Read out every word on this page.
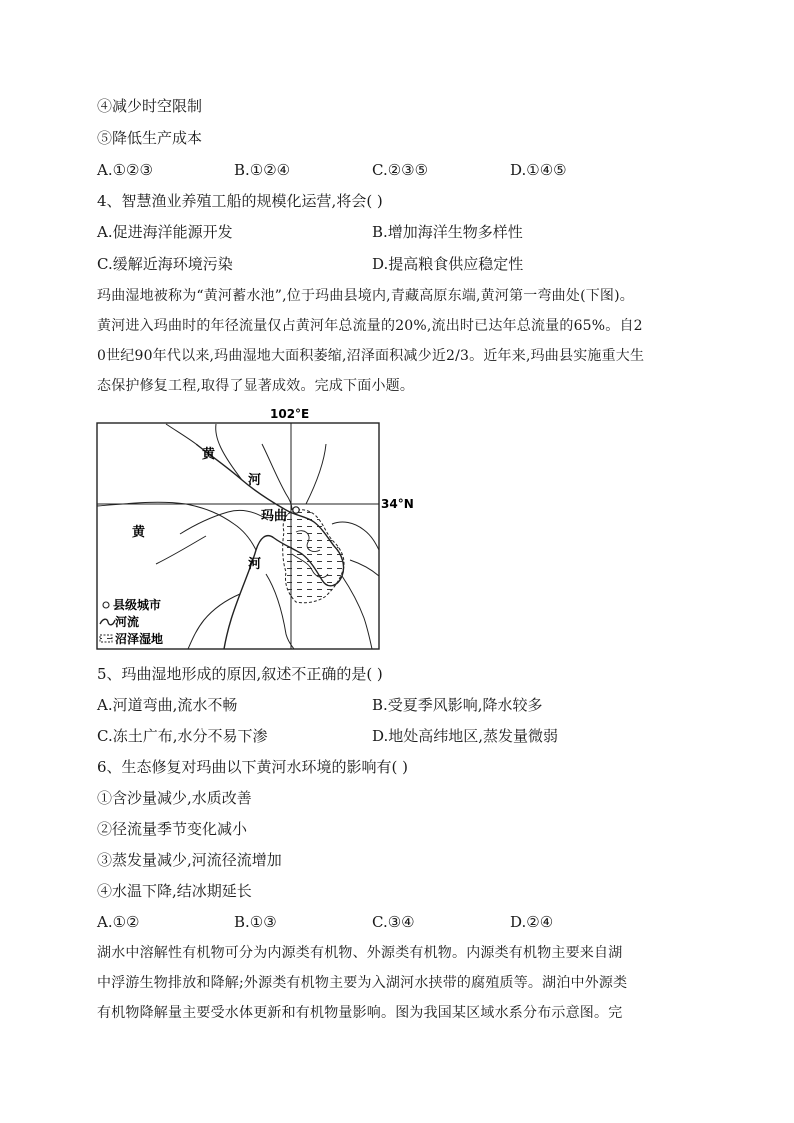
④减少时空限制
⑤降低生产成本
A.①②③	B.①②④	C.②③⑤	D.①④⑤
4、智慧渔业养殖工船的规模化运营,将会( )
A.促进海洋能源开发	B.增加海洋生物多样性
C.缓解近海环境污染	D.提高粮食供应稳定性
玛曲湿地被称为“黄河蓄水池”,位于玛曲县境内,青藏高原东端,黄河第一弯曲处(下图)。
黄河进入玛曲时的年径流量仅占黄河年总流量的20%,流出时已达年总流量的65%。自2
0世纪90年代以来,玛曲湿地大面积萎缩,沼泽面积减少近2/3。近年来,玛曲县实施重大生
态保护修复工程,取得了显著成效。完成下面小题。
102°E
34°N
玛曲
黄
河
黄
河
县级城市
河流
沼泽湿地
5、玛曲湿地形成的原因,叙述不正确的是( )
A.河道弯曲,流水不畅	B.受夏季风影响,降水较多
C.冻土广布,水分不易下渗	D.地处高纬地区,蒸发量微弱
6、生态修复对玛曲以下黄河水环境的影响有( )
①含沙量减少,水质改善
②径流量季节变化减小
③蒸发量减少,河流径流增加
④水温下降,结冰期延长
A.①②	B.①③	C.③④	D.②④
湖水中溶解性有机物可分为内源类有机物、外源类有机物。内源类有机物主要来自湖
中浮游生物排放和降解;外源类有机物主要为入湖河水挟带的腐殖质等。湖泊中外源类
有机物降解量主要受水体更新和有机物量影响。图为我国某区域水系分布示意图。完
